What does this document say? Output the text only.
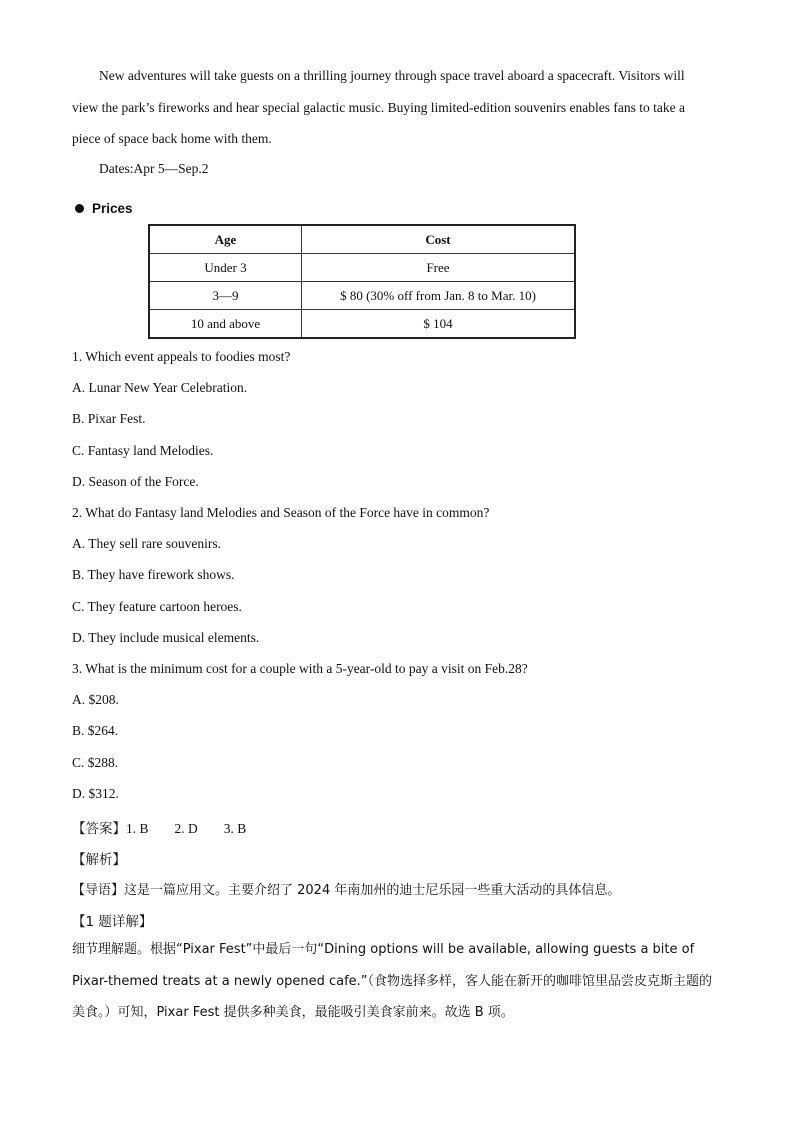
New adventures will take guests on a thrilling journey through space travel aboard a spacecraft. Visitors will view the park’s fireworks and hear special galactic music. Buying limited-edition souvenirs enables fans to take a piece of space back home with them.

Dates:Apr 5—Sep.2

Prices
Age	Cost
Under 3	Free
3—9	$ 80 (30% off from Jan. 8 to Mar. 10)
10 and above	$ 104

1. Which event appeals to foodies most?

A. Lunar New Year Celebration.

B. Pixar Fest.

C. Fantasy land Melodies.

D. Season of the Force.

2. What do Fantasy land Melodies and Season of the Force have in common?

A. They sell rare souvenirs.

B. They have firework shows.

C. They feature cartoon heroes.

D. They include musical elements.

3. What is the minimum cost for a couple with a 5-year-old to pay a visit on Feb.28?

A. $208.

B. $264.

C. $288.

D. $312.

【答案】1. B 2. D 3. B

【解析】

【导语】这是一篇应用文。主要介绍了 2024 年南加州的迪士尼乐园一些重大活动的具体信息。

【1 题详解】

细节理解题。根据“Pixar Fest”中最后一句“Dining options will be available, allowing guests a bite of Pixar-themed treats at a newly opened cafe.”（食物选择多样，客人能在新开的咖啡馆里品尝皮克斯主题的美食。）可知，Pixar Fest 提供多种美食，最能吸引美食家前来。故选 B 项。
